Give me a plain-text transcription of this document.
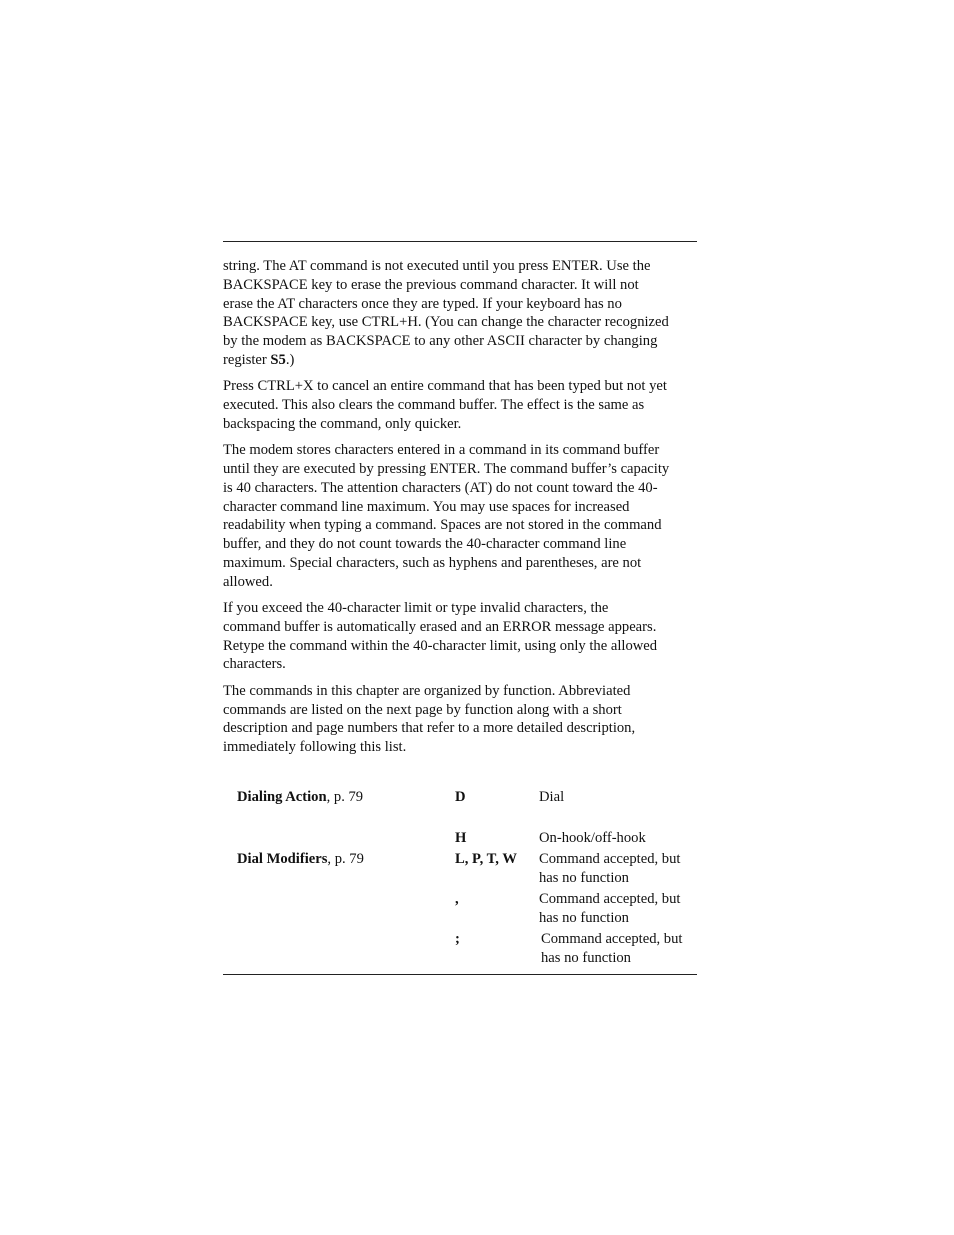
string. The AT command is not executed until you press ENTER. Use the
BACKSPACE key to erase the previous command character. It will not
erase the AT characters once they are typed. If your keyboard has no
BACKSPACE key, use CTRL+H. (You can change the character recognized
by the modem as BACKSPACE to any other ASCII character by changing
register S5.)

Press CTRL+X to cancel an entire command that has been typed but not yet
executed. This also clears the command buffer. The effect is the same as
backspacing the command, only quicker.

The modem stores characters entered in a command in its command buffer
until they are executed by pressing ENTER. The command buffer’s capacity
is 40 characters. The attention characters (AT) do not count toward the 40-
character command line maximum. You may use spaces for increased
readability when typing a command. Spaces are not stored in the command
buffer, and they do not count towards the 40-character command line
maximum. Special characters, such as hyphens and parentheses, are not
allowed.

If you exceed the 40-character limit or type invalid characters, the
command buffer is automatically erased and an ERROR message appears.
Retype the command within the 40-character limit, using only the allowed
characters.

The commands in this chapter are organized by function. Abbreviated
commands are listed on the next page by function along with a short
description and page numbers that refer to a more detailed description,
immediately following this list.

Dialing Action, p. 79
Dial Modifiers, p. 79
D
H
L, P, T, W
,
;
Dial
On-hook/off-hook
Command accepted, but
has no function
Command accepted, but
has no function
Command accepted, but
has no function
